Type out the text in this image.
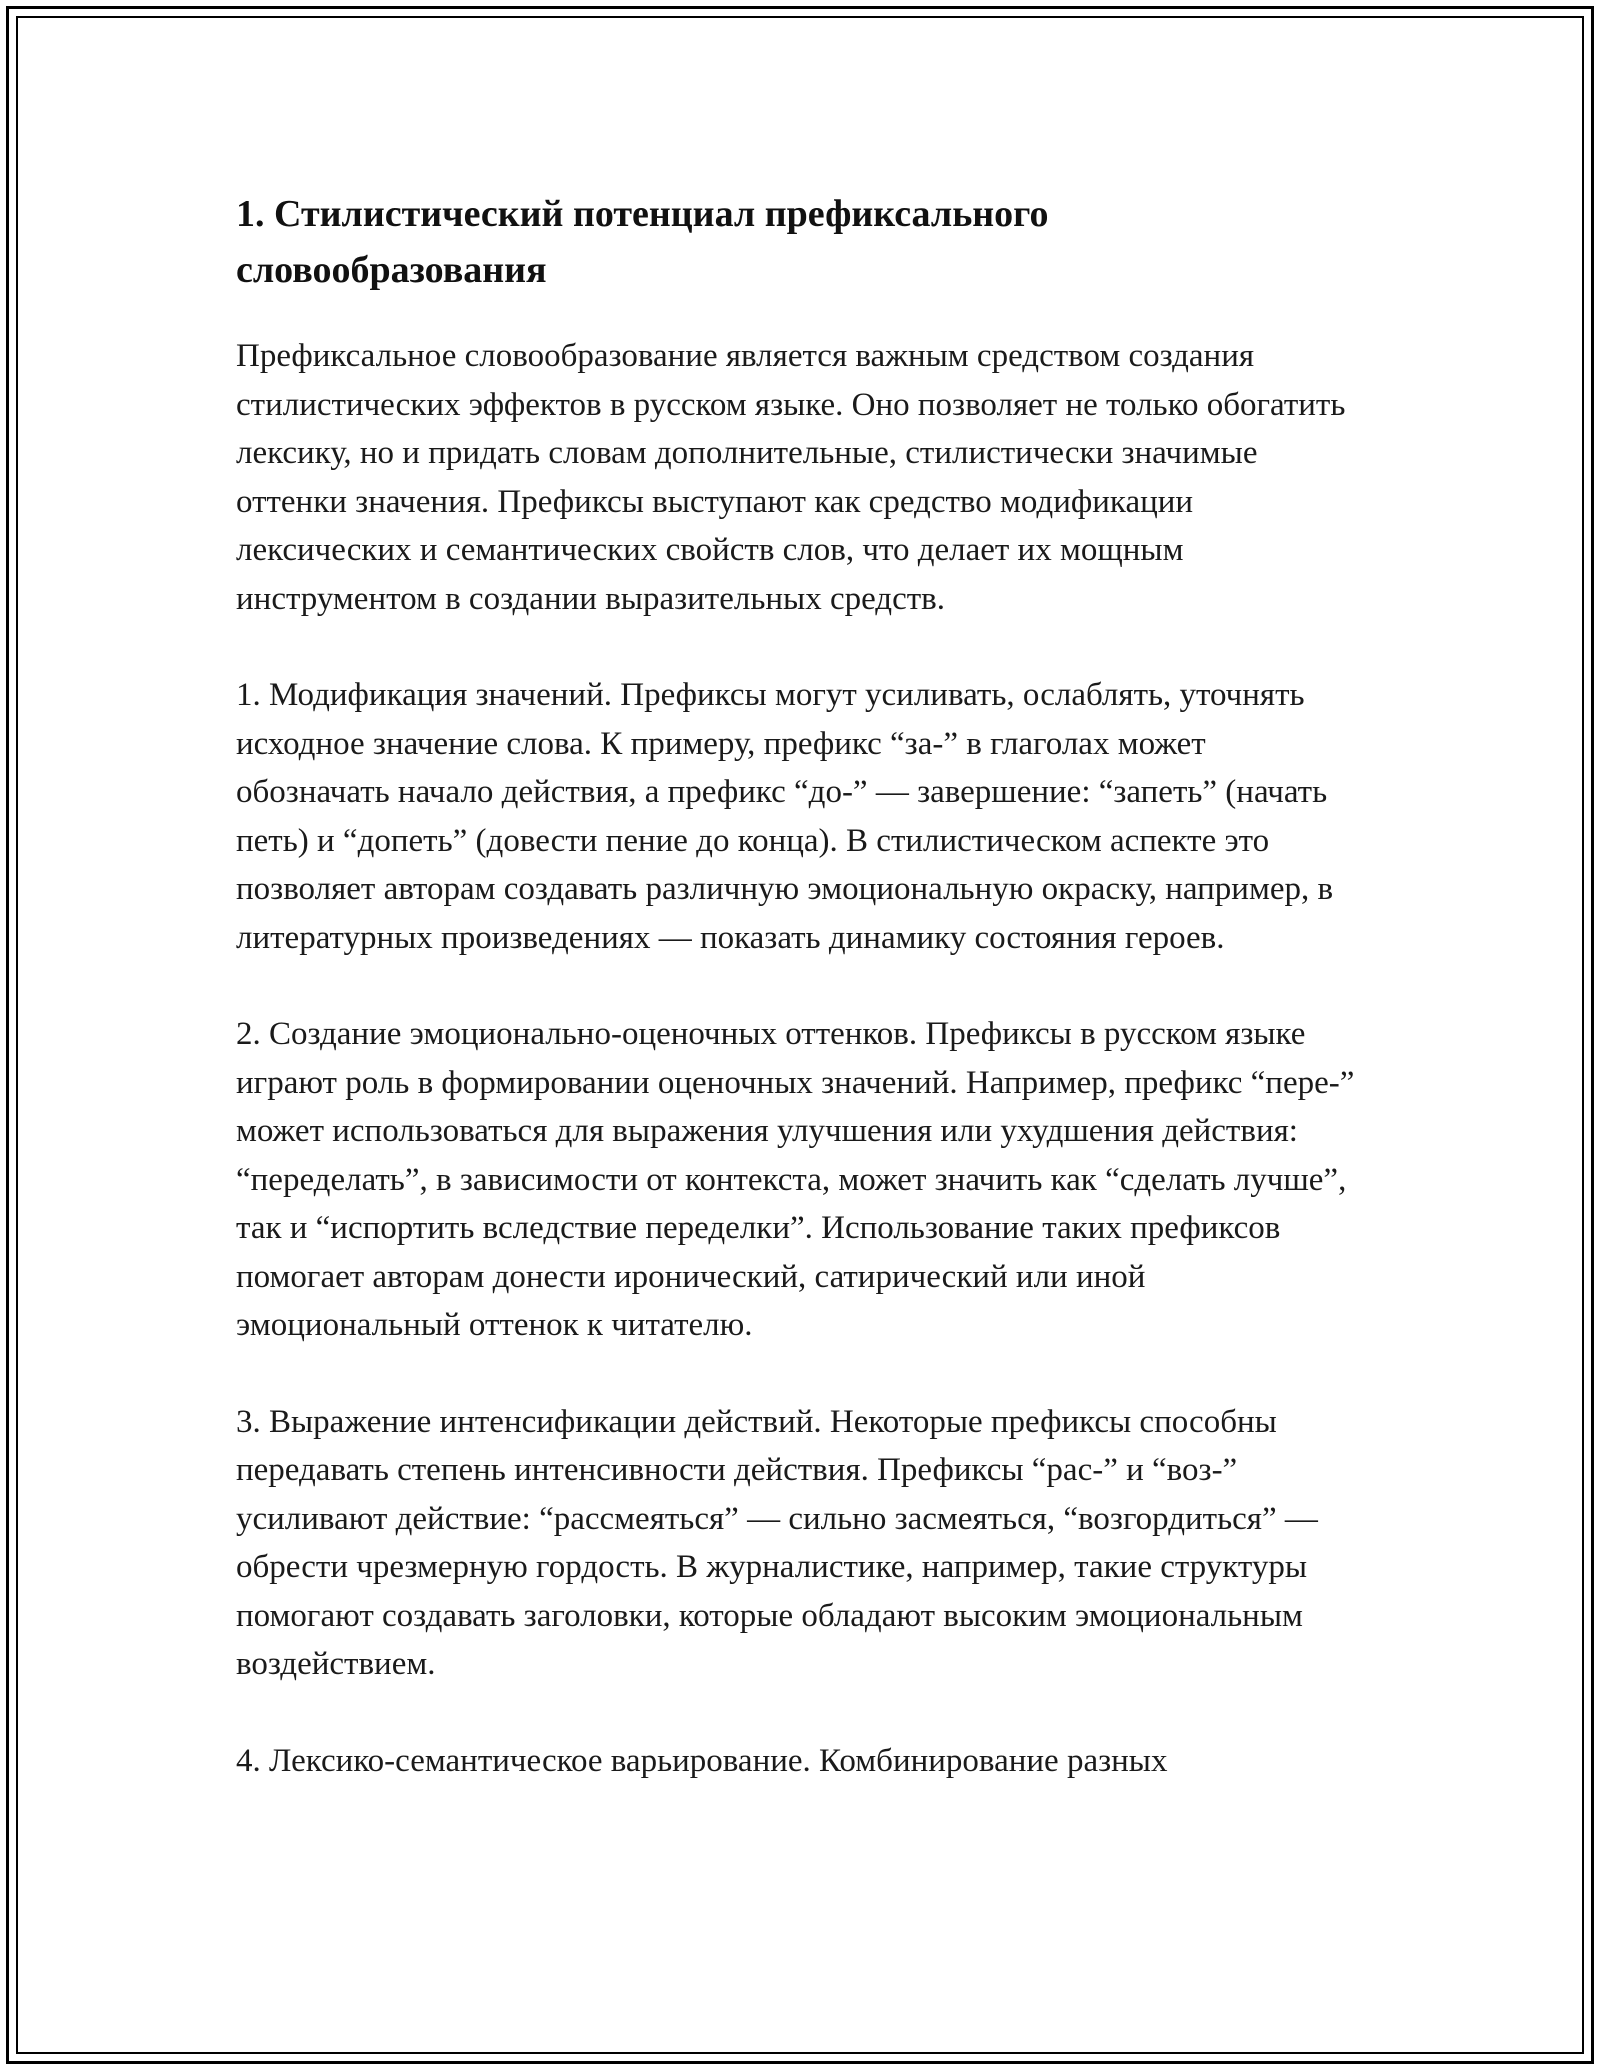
1. Стилистический потенциал префиксального словообразования

Префиксальное словообразование является важным средством создания стилистических эффектов в русском языке. Оно позволяет не только обогатить лексику, но и придать словам дополнительные, стилистически значимые оттенки значения. Префиксы выступают как средство модификации лексических и семантических свойств слов, что делает их мощным инструментом в создании выразительных средств.

1. Модификация значений. Префиксы могут усиливать, ослаблять, уточнять исходное значение слова. К примеру, префикс “за-” в глаголах может обозначать начало действия, а префикс “до-” — завершение: “запеть” (начать петь) и “допеть” (довести пение до конца). В стилистическом аспекте это позволяет авторам создавать различную эмоциональную окраску, например, в литературных произведениях — показать динамику состояния героев.

2. Создание эмоционально-оценочных оттенков. Префиксы в русском языке играют роль в формировании оценочных значений. Например, префикс “пере-” может использоваться для выражения улучшения или ухудшения действия: “переделать”, в зависимости от контекста, может значить как “сделать лучше”, так и “испортить вследствие переделки”. Использование таких префиксов помогает авторам донести иронический, сатирический или иной эмоциональный оттенок к читателю.

3. Выражение интенсификации действий. Некоторые префиксы способны передавать степень интенсивности действия. Префиксы “рас-” и “воз-” усиливают действие: “рассмеяться” — сильно засмеяться, “возгордиться” — обрести чрезмерную гордость. В журналистике, например, такие структуры помогают создавать заголовки, которые обладают высоким эмоциональным воздействием.

4. Лексико-семантическое варьирование. Комбинирование разных
